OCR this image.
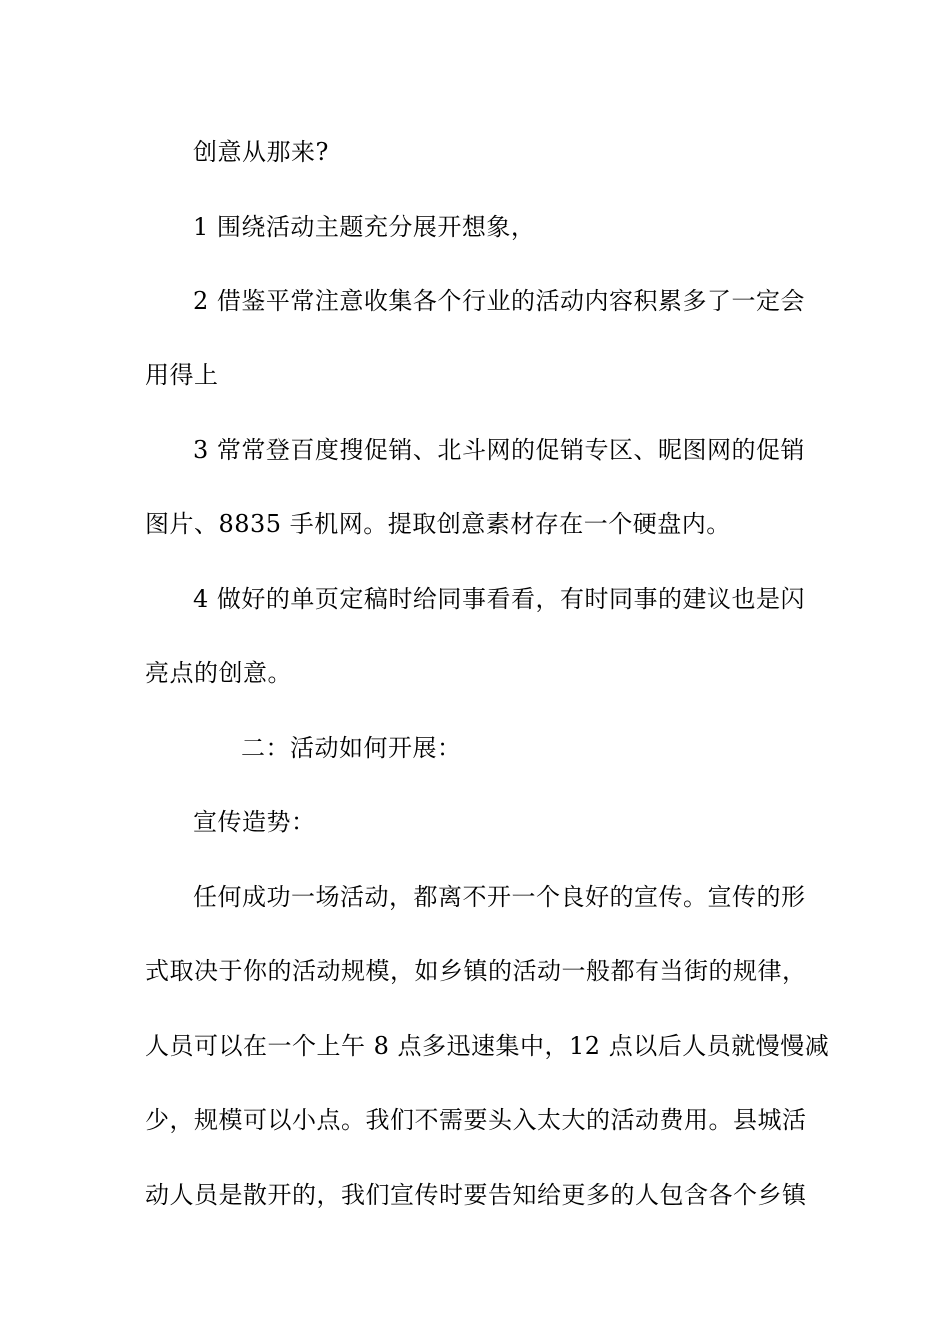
创意从那来?
1 围绕活动主题充分展开想象，
2 借鉴平常注意收集各个行业的活动内容积累多了一定会
用得上
3 常常登百度搜促销、北斗网的促销专区、昵图网的促销
图片、8835 手机网。提取创意素材存在一个硬盘内。
4 做好的单页定稿时给同事看看，有时同事的建议也是闪
亮点的创意。
二：活动如何开展：
宣传造势：
任何成功一场活动，都离不开一个良好的宣传。宣传的形
式取决于你的活动规模，如乡镇的活动一般都有当街的规律，
人员可以在一个上午 8 点多迅速集中，12 点以后人员就慢慢减
少，规模可以小点。我们不需要头入太大的活动费用。县城活
动人员是散开的，我们宣传时要告知给更多的人包含各个乡镇
